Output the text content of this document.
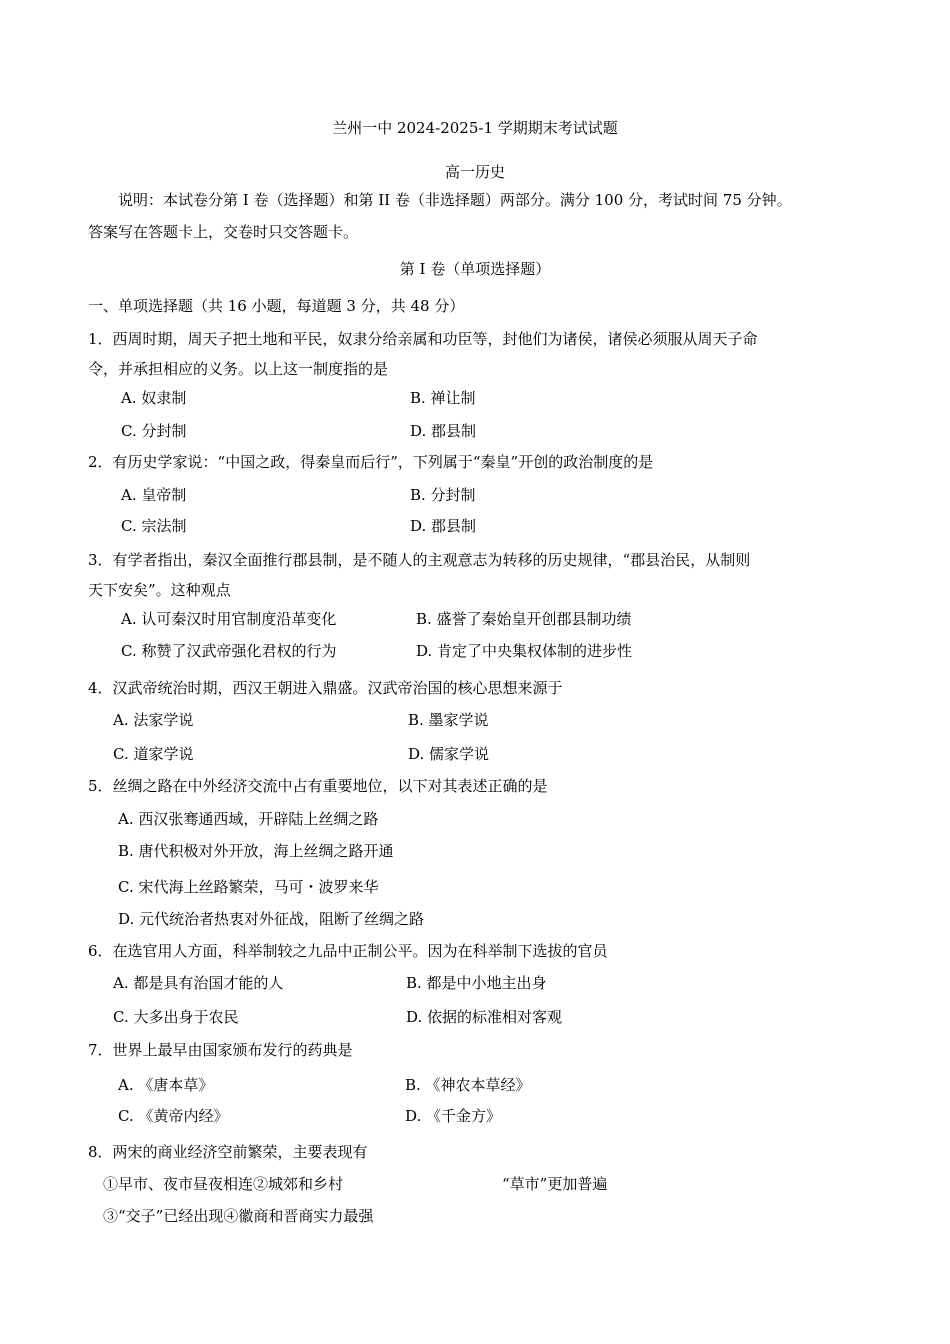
兰州一中 2024-2025-1 学期期末考试试题
高一历史
说明：本试卷分第 I 卷（选择题）和第 II 卷（非选择题）两部分。满分 100 分，考试时间 75 分钟。
答案写在答题卡上，交卷时只交答题卡。
第 I 卷（单项选择题）
一、单项选择题（共 16 小题，每道题 3 分，共 48 分）
1．西周时期，周天子把土地和平民，奴隶分给亲属和功臣等，封他们为诸侯，诸侯必须服从周天子命
令，并承担相应的义务。以上这一制度指的是
A. 奴隶制	B. 禅让制
C. 分封制	D. 郡县制
2．有历史学家说：“中国之政，得秦皇而后行”，下列属于“秦皇”开创的政治制度的是
A. 皇帝制	B. 分封制
C. 宗法制	D. 郡县制
3．有学者指出，秦汉全面推行郡县制，是不随人的主观意志为转移的历史规律，“郡县治民，从制则
天下安矣”。这种观点
A. 认可秦汉时用官制度沿革变化	B. 盛誉了秦始皇开创郡县制功绩
C. 称赞了汉武帝强化君权的行为	D. 肯定了中央集权体制的进步性
4．汉武帝统治时期，西汉王朝进入鼎盛。汉武帝治国的核心思想来源于
A. 法家学说	B. 墨家学说
C. 道家学说	D. 儒家学说
5．丝绸之路在中外经济交流中占有重要地位，以下对其表述正确的是
A. 西汉张骞通西域，开辟陆上丝绸之路
B. 唐代积极对外开放，海上丝绸之路开通
C. 宋代海上丝路繁荣，马可・波罗来华
D. 元代统治者热衷对外征战，阻断了丝绸之路
6．在选官用人方面，科举制较之九品中正制公平。因为在科举制下选拔的官员
A. 都是具有治国才能的人	B. 都是中小地主出身
C. 大多出身于农民	D. 依据的标准相对客观
7．世界上最早由国家颁布发行的药典是
A. 《唐本草》	B. 《神农本草经》
C. 《黄帝内经》	D. 《千金方》
8．两宋的商业经济空前繁荣，主要表现有
①早市、夜市昼夜相连②城郊和乡村	“草市”更加普遍
③“交子”已经出现④徽商和晋商实力最强
